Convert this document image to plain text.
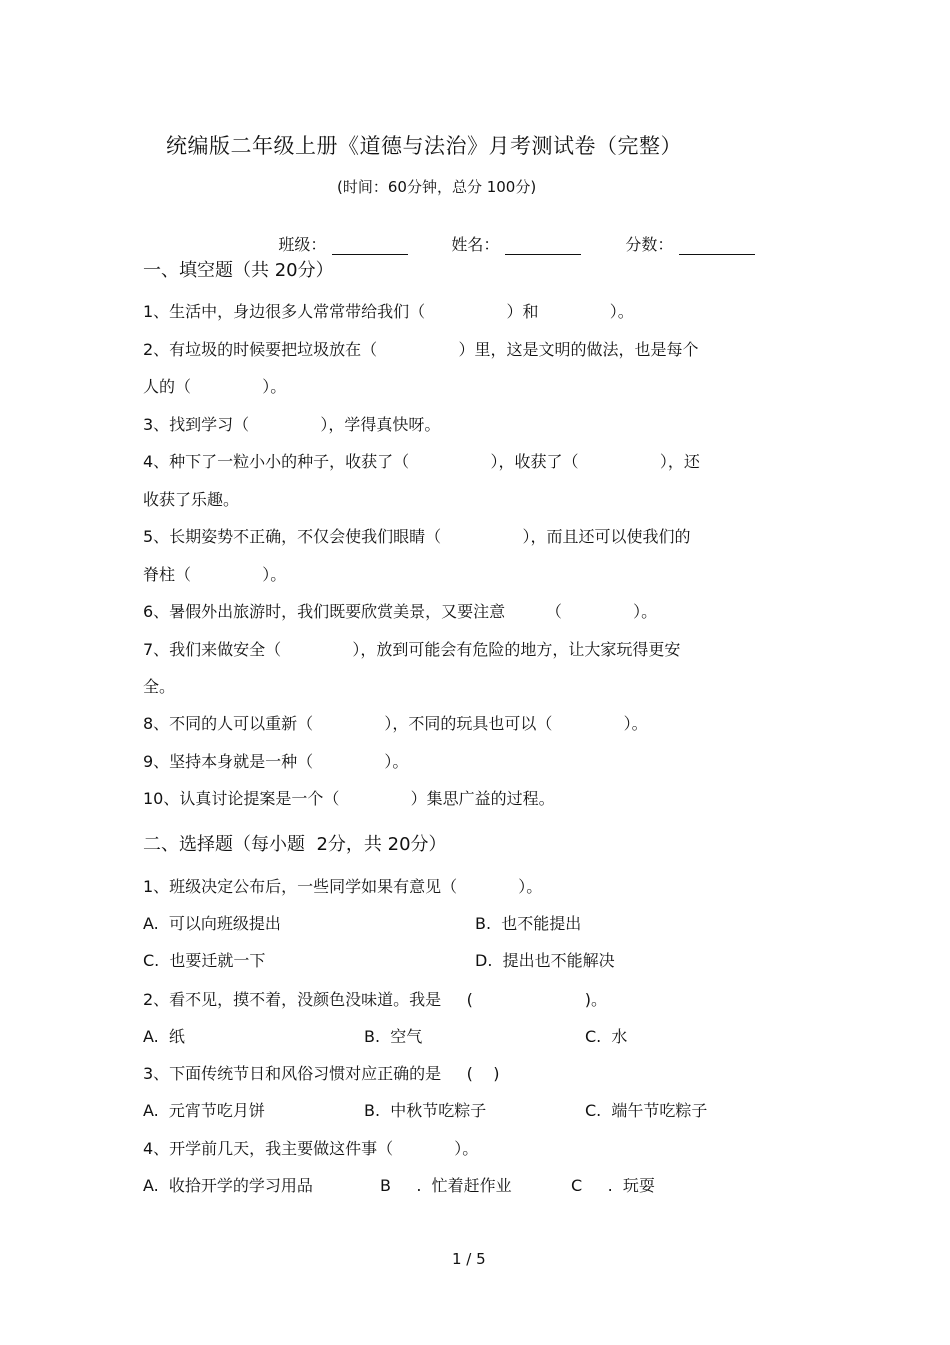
统编版二年级上册《道德与法治》月考测试卷（完整）
(时间：60分钟，总分 100分)

班级：
	姓名：
	分数：

一、填空题（共 20分）
1、生活中，身边很多人常常带给我们（                ）和              ）。
2、有垃圾的时候要把垃圾放在（                ）里，这是文明的做法，也是每个
人的（              ）。
3、找到学习（              ），学得真快呀。
4、种下了一粒小小的种子，收获了（                ），收获了（                ），还
收获了乐趣。
5、长期姿势不正确，不仅会使我们眼睛（                ），而且还可以使我们的
脊柱（              ）。
6、暑假外出旅游时，我们既要欣赏美景，又要注意        （              ）。
7、我们来做安全（              ），放到可能会有危险的地方，让大家玩得更安
全。
8、不同的人可以重新（              ），不同的玩具也可以（              ）。
9、坚持本身就是一种（              ）。
10、认真讨论提案是一个（              ）集思广益的过程。
二、选择题（每小题  2分，共 20分）
1、班级决定公布后，一些同学如果有意见（            ）。
A.  可以向班级提出	B.  也不能提出
C.  也要迁就一下	D.  提出也不能解决
2、看不见，摸不着，没颜色没味道。我是     (                      )。
A.  纸	B.  空气	C.  水
3、下面传统节日和风俗习惯对应正确的是     (    )
A.  元宵节吃月饼	B.  中秋节吃粽子	C.  端午节吃粽子
4、开学前几天，我主要做这件事（            ）。
A.  收拾开学的学习用品	B     .  忙着赶作业	C     .  玩耍
1 / 5
